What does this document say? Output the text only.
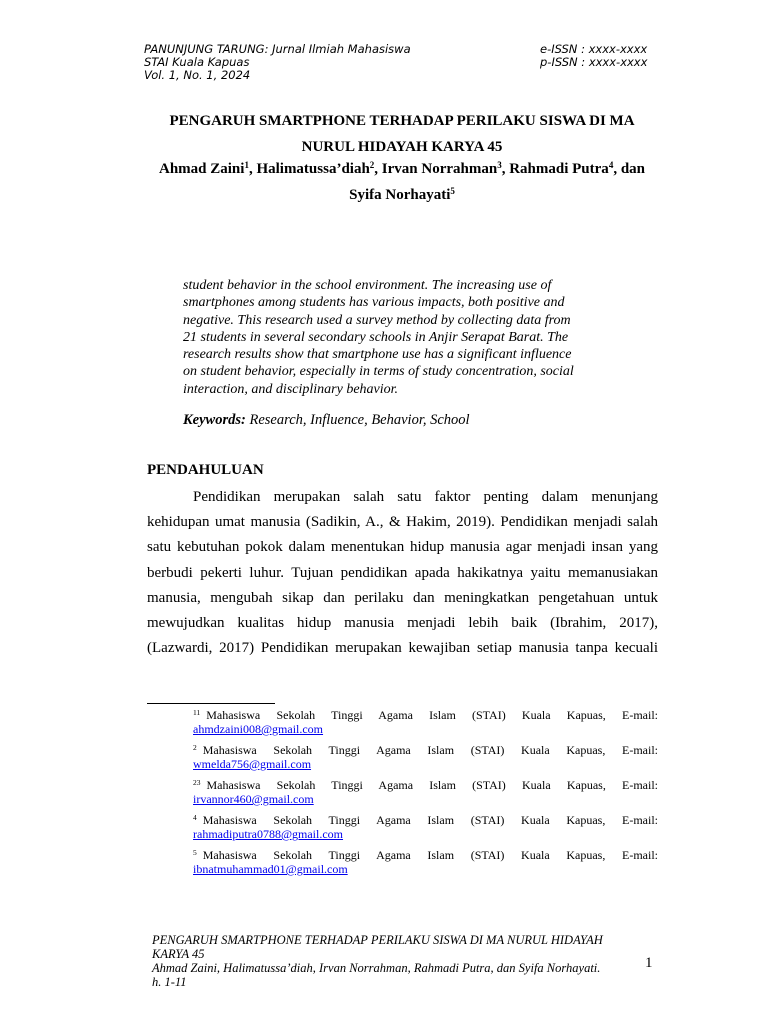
PANUNJUNG TARUNG: Jurnal Ilmiah Mahasiswa
STAI Kuala Kapuas
Vol. 1, No. 1, 2024
e-ISSN : xxxx-xxxx
p-ISSN : xxxx-xxxx
PENGARUH SMARTPHONE TERHADAP PERILAKU SISWA DI MA
NURUL HIDAYAH KARYA 45
Ahmad Zaini$^1$, Halimatussa’diah$^2$, Irvan Norrahman$^3$, Rahmadi Putra$^4$, dan
Syifa Norhayati$^5$
student behavior in the school environment. The increasing use of
smartphones among students has various impacts, both positive and
negative. This research used a survey method by collecting data from
21 students in several secondary schools in Anjir Serapat Barat. The
research results show that smartphone use has a significant influence
on student behavior, especially in terms of study concentration, social
interaction, and disciplinary behavior.
Keywords: Research, Influence, Behavior, School
PENDAHULUAN
Pendidikan merupakan salah satu faktor penting dalam menunjang
kehidupan umat manusia (Sadikin, A., & Hakim, 2019). Pendidikan menjadi salah
satu kebutuhan pokok dalam menentukan hidup manusia agar menjadi insan yang
berbudi pekerti luhur. Tujuan pendidikan apada hakikatnya yaitu memanusiakan
manusia, mengubah sikap dan perilaku dan meningkatkan pengetahuan untuk
mewujudkan kualitas hidup manusia menjadi lebih baik (Ibrahim, 2017),
(Lazwardi, 2017) Pendidikan merupakan kewajiban setiap manusia tanpa kecuali
$^{11}$ Mahasiswa Sekolah Tinggi Agama Islam (STAI) Kuala Kapuas, E-mail:
ahmdzaini008@gmail.com
$^2$ Mahasiswa Sekolah Tinggi Agama Islam (STAI) Kuala Kapuas, E-mail:
wmelda756@gmail.com
$^{23}$ Mahasiswa Sekolah Tinggi Agama Islam (STAI) Kuala Kapuas, E-mail:
irvannor460@gmail.com
$^4$ Mahasiswa Sekolah Tinggi Agama Islam (STAI) Kuala Kapuas, E-mail:
rahmadiputra0788@gmail.com
$^5$ Mahasiswa Sekolah Tinggi Agama Islam (STAI) Kuala Kapuas, E-mail:
ibnatmuhammad01@gmail.com
PENGARUH SMARTPHONE TERHADAP PERILAKU SISWA DI MA NURUL HIDAYAH
KARYA 45
Ahmad Zaini, Halimatussa’diah, Irvan Norrahman, Rahmadi Putra, dan Syifa Norhayati.
h. 1-11
1
